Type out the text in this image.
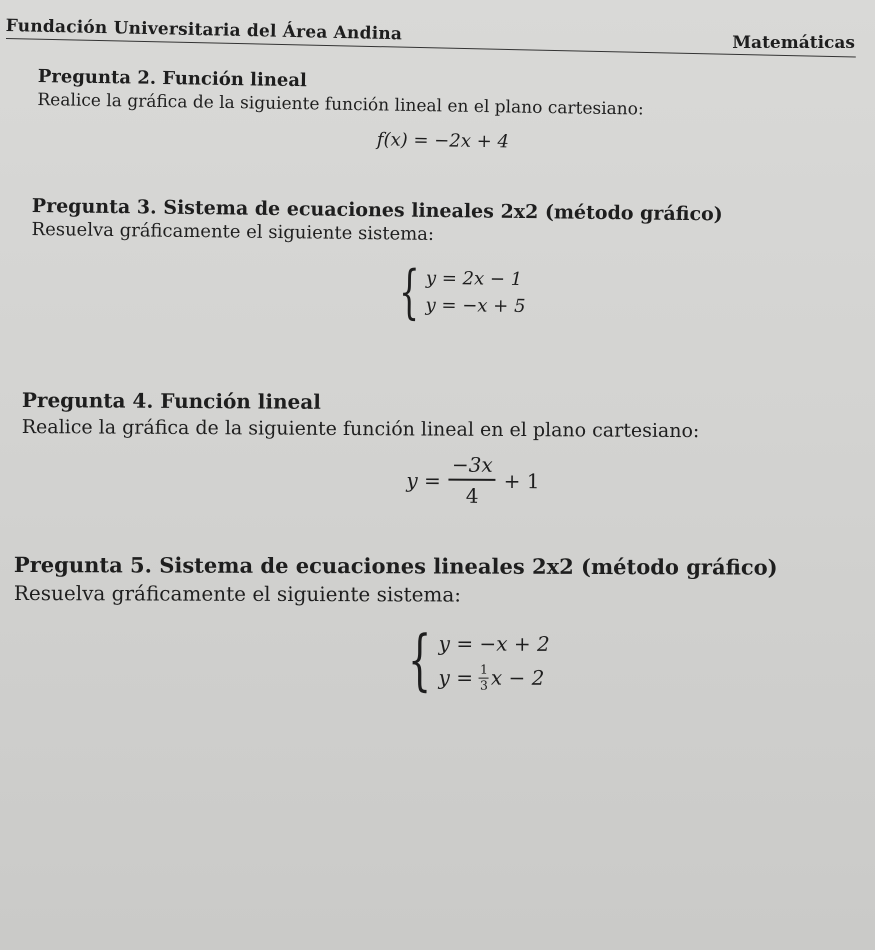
Fundación Universitaria del Área Andina	Matemáticas
Pregunta 2. Función lineal
Realice la gráfica de la siguiente función lineal en el plano cartesiano:
f(x) = −2x + 4
Pregunta 3. Sistema de ecuaciones lineales 2x2 (método gráfico)
Resuelva gráficamente el siguiente sistema:
{ y = 2x − 1
y = −x + 5
Pregunta 4. Función lineal
Realice la gráfica de la siguiente función lineal en el plano cartesiano:
$y = \frac{-3x}{4} + 1$
Pregunta 5. Sistema de ecuaciones lineales 2x2 (método gráfico)
Resuelva gráficamente el siguiente sistema:
{ y = −x + 2
$y = \frac{1}{3}$ x − 2
